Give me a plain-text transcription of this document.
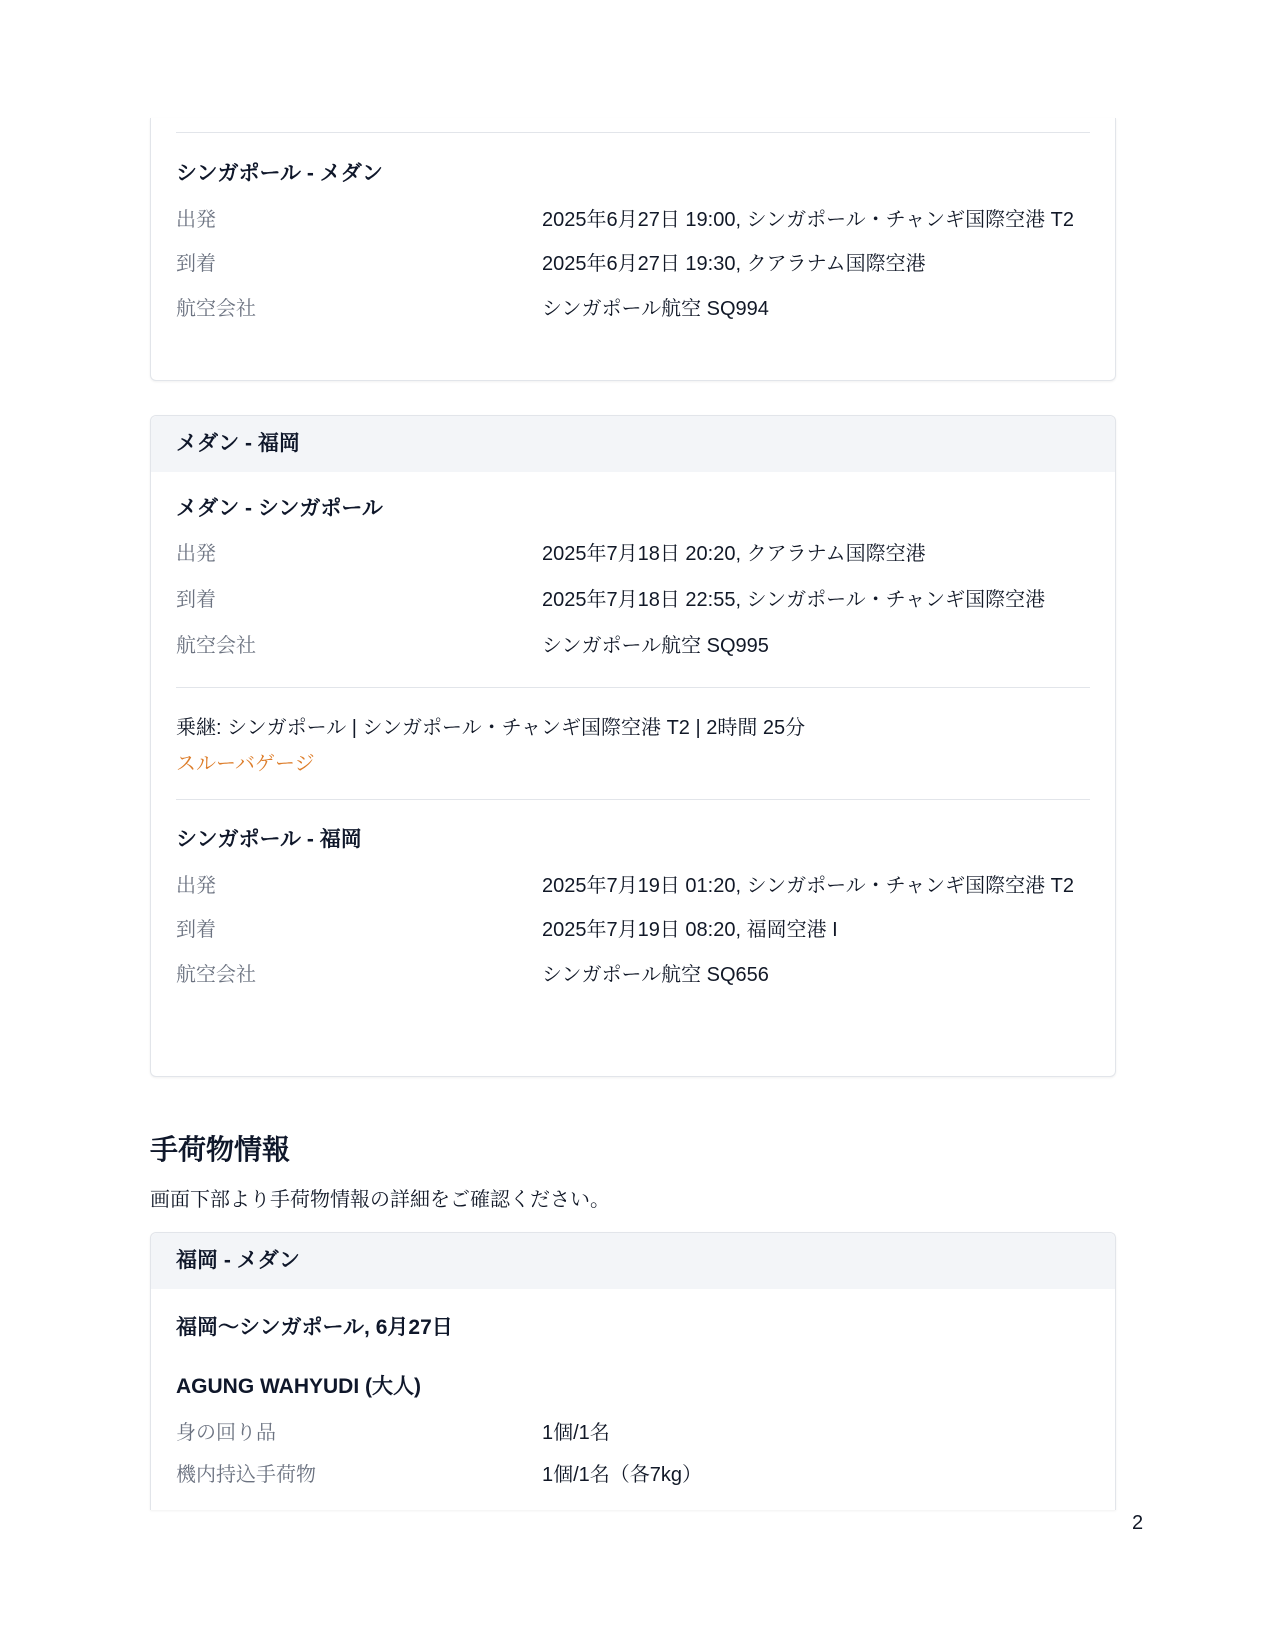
シンガポール - メダン
出発	2025年6月27日 19:00, シンガポール・チャンギ国際空港 T2
到着	2025年6月27日 19:30, クアラナム国際空港
航空会社	シンガポール航空 SQ994
メダン - 福岡
メダン - シンガポール
出発	2025年7月18日 20:20, クアラナム国際空港
到着	2025年7月18日 22:55, シンガポール・チャンギ国際空港
航空会社	シンガポール航空 SQ995
乗継: シンガポール | シンガポール・チャンギ国際空港 T2 | 2時間 25分
スルーバゲージ
シンガポール - 福岡
出発	2025年7月19日 01:20, シンガポール・チャンギ国際空港 T2
到着	2025年7月19日 08:20, 福岡空港 I
航空会社	シンガポール航空 SQ656
手荷物情報
画面下部より手荷物情報の詳細をご確認ください。
福岡 - メダン
福岡〜シンガポール, 6月27日
AGUNG WAHYUDI (大人)
身の回り品	1個/1名
機内持込手荷物	1個/1名（各7kg）
2
